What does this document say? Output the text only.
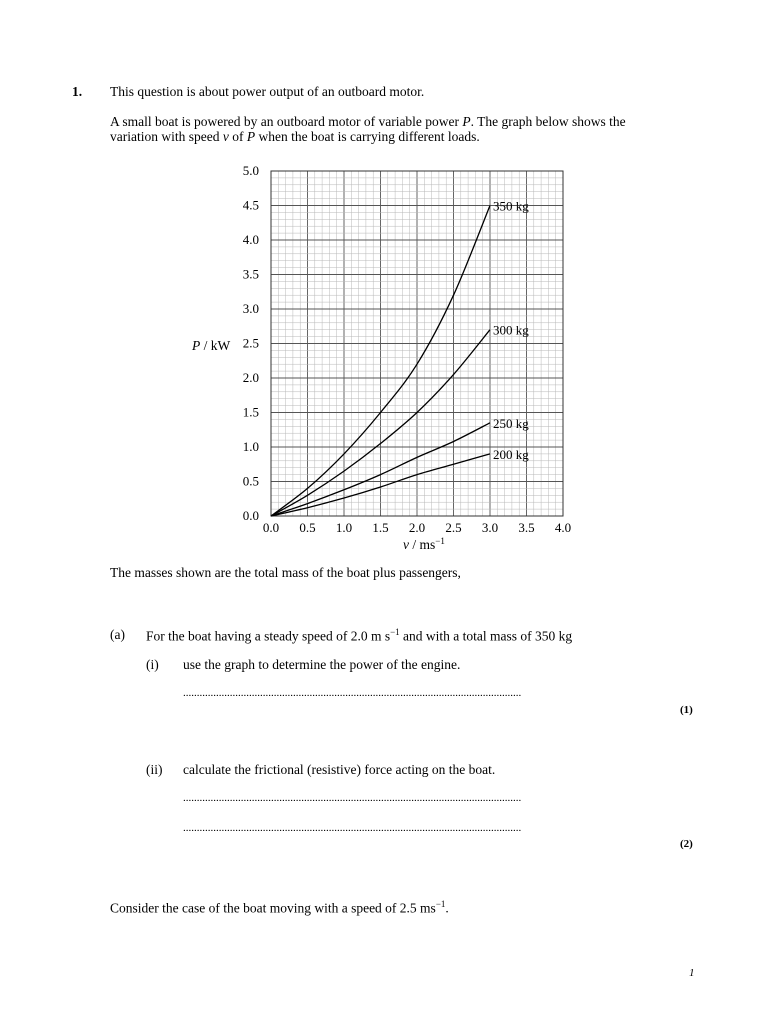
1. This question is about power output of an outboard motor.
A small boat is powered by an outboard motor of variable power P. The graph below shows the
variation with speed v of P when the boat is carrying different loads.
0.0 0.5 1.0 1.5 2.0 2.5 3.0 3.5 4.0
0.0
0.5
1.0
1.5
2.0
2.5
3.0
3.5
4.0
4.5
5.0
350 kg
300 kg
250 kg
200 kg
P / kW
v / $ms^{-1}$
The masses shown are the total mass of the boat plus passengers,
(a) For the boat having a steady speed of 2.0 m $s^{-1}$ and with a total mass of 350 kg
(i) use the graph to determine the power of the engine.
...........................................................................................................................
(1)
(ii) calculate the frictional (resistive) force acting on the boat.
...........................................................................................................................
...........................................................................................................................
(2)
Consider the case of the boat moving with a speed of 2.5 $ms^{-1}$.
1
